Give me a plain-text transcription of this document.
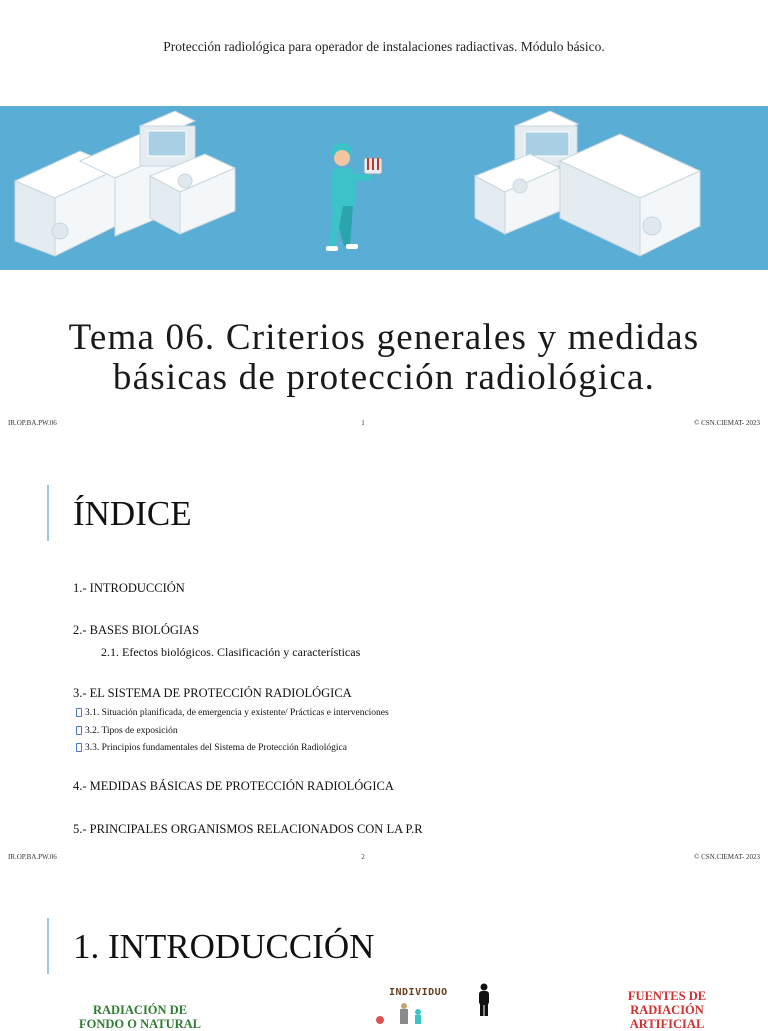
Protección radiológica para operador de instalaciones radiactivas. Módulo básico.
Tema 06. Criterios generales y medidas
básicas de protección radiológica.
IR.OP.BA.PW.06	1	© CSN.CIEMAT- 2023
ÍNDICE
1.- INTRODUCCIÓN
2.- BASES BIOLÓGIAS
2.1. Efectos biológicos. Clasificación y características
3.- EL SISTEMA DE PROTECCIÓN RADIOLÓGICA
3.1. Situación planificada, de emergencia y existente/ Prácticas e intervenciones
3.2. Tipos de exposición
3.3. Principios fundamentales del Sistema de Protección Radiológica
4.- MEDIDAS BÁSICAS DE PROTECCIÓN RADIOLÓGICA
5.- PRINCIPALES ORGANISMOS RELACIONADOS CON LA P.R
IR.OP.BA.PW.06	2	© CSN.CIEMAT- 2023
1. INTRODUCCIÓN
RADIACIÓN DE
FONDO O NATURAL
INDIVIDUO	FUENTES DE
RADIACIÓN
ARTIFICIAL
